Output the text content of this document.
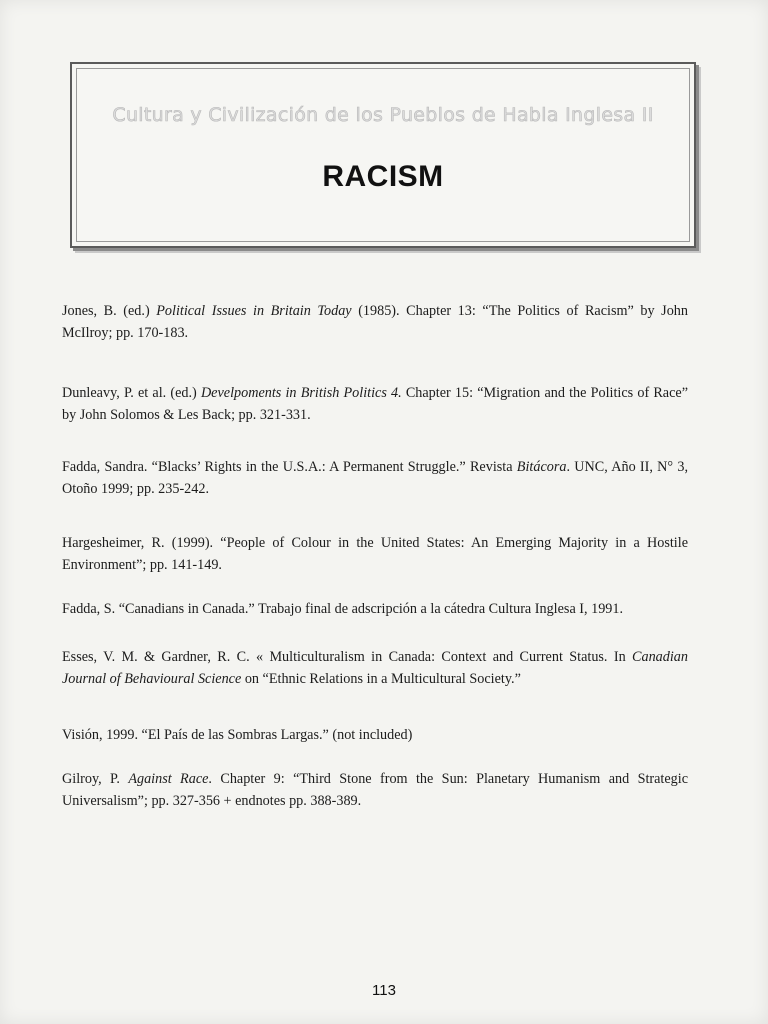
Cultura y Civilización de los Pueblos de Habla Inglesa II
RACISM

Jones, B. (ed.) Political Issues in Britain Today (1985). Chapter 13: “The Politics of Racism” by John McIlroy; pp. 170-183.

Dunleavy, P. et al. (ed.) Develpoments in British Politics 4. Chapter 15: “Migration and the Politics of Race” by John Solomos & Les Back; pp. 321-331.

Fadda, Sandra. “Blacks’ Rights in the U.S.A.: A Permanent Struggle.” Revista Bitácora. UNC, Año II, N° 3, Otoño 1999; pp. 235-242.

Hargesheimer, R. (1999). “People of Colour in the United States: An Emerging Majority in a Hostile Environment”; pp. 141-149.

Fadda, S. “Canadians in Canada.” Trabajo final de adscripción a la cátedra Cultura Inglesa I, 1991.

Esses, V. M. & Gardner, R. C. « Multiculturalism in Canada: Context and Current Status. In Canadian Journal of Behavioural Science on “Ethnic Relations in a Multicultural Society.”

Visión, 1999. “El País de las Sombras Largas.” (not included)

Gilroy, P. Against Race. Chapter 9: “Third Stone from the Sun: Planetary Humanism and Strategic Universalism”; pp. 327-356 + endnotes pp. 388-389.

113
